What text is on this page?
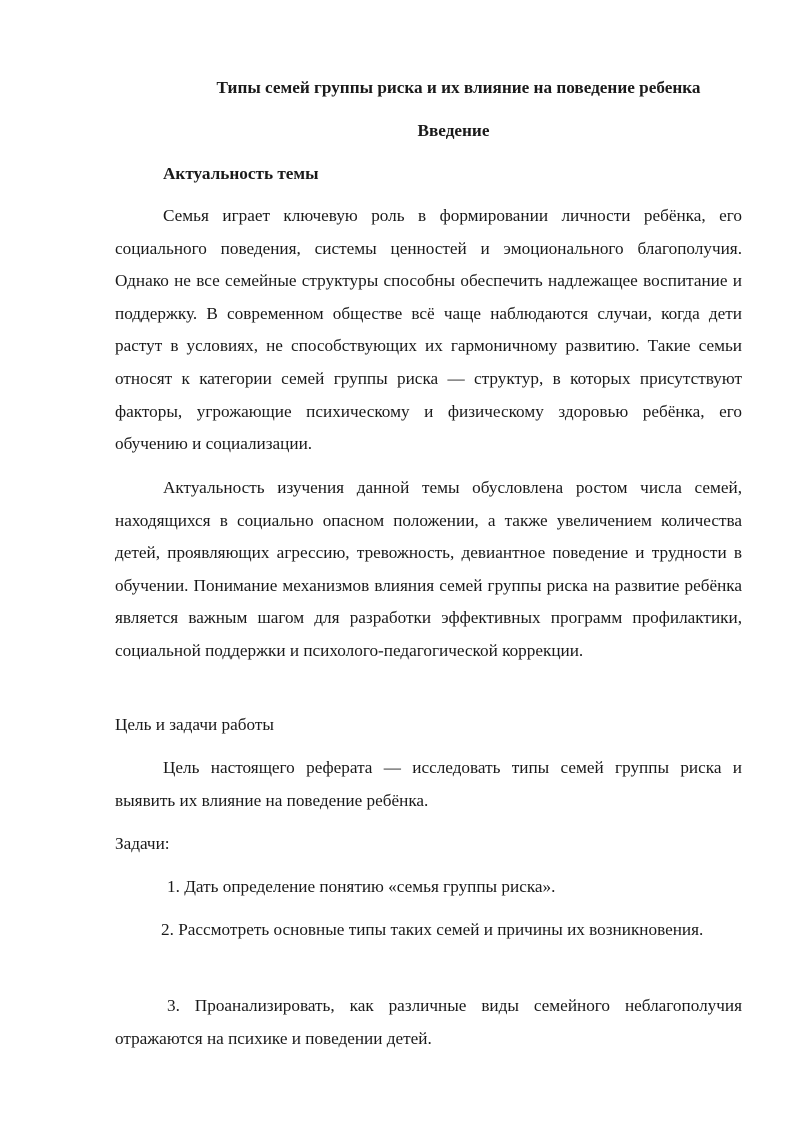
Типы семей группы риска и их влияние на поведение ребенка

Введение

Актуальность темы

Семья играет ключевую роль в формировании личности ребёнка, его социального поведения, системы ценностей и эмоционального благополучия. Однако не все семейные структуры способны обеспечить надлежащее воспитание и поддержку. В современном обществе всё чаще наблюдаются случаи, когда дети растут в условиях, не способствующих их гармоничному развитию. Такие семьи относят к категории семей группы риска — структур, в которых присутствуют факторы, угрожающие психическому и физическому здоровью ребёнка, его обучению и социализации.

Актуальность изучения данной темы обусловлена ростом числа семей, находящихся в социально опасном положении, а также увеличением количества детей, проявляющих агрессию, тревожность, девиантное поведение и трудности в обучении. Понимание механизмов влияния семей группы риска на развитие ребёнка является важным шагом для разработки эффективных программ профилактики, социальной поддержки и психолого-педагогической коррекции.

Цель и задачи работы

Цель настоящего реферата — исследовать типы семей группы риска и выявить их влияние на поведение ребёнка.

Задачи:

1. Дать определение понятию «семья группы риска».

2. Рассмотреть основные типы таких семей и причины их возникновения.

3. Проанализировать, как различные виды семейного неблагополучия отражаются на психике и поведении детей.
